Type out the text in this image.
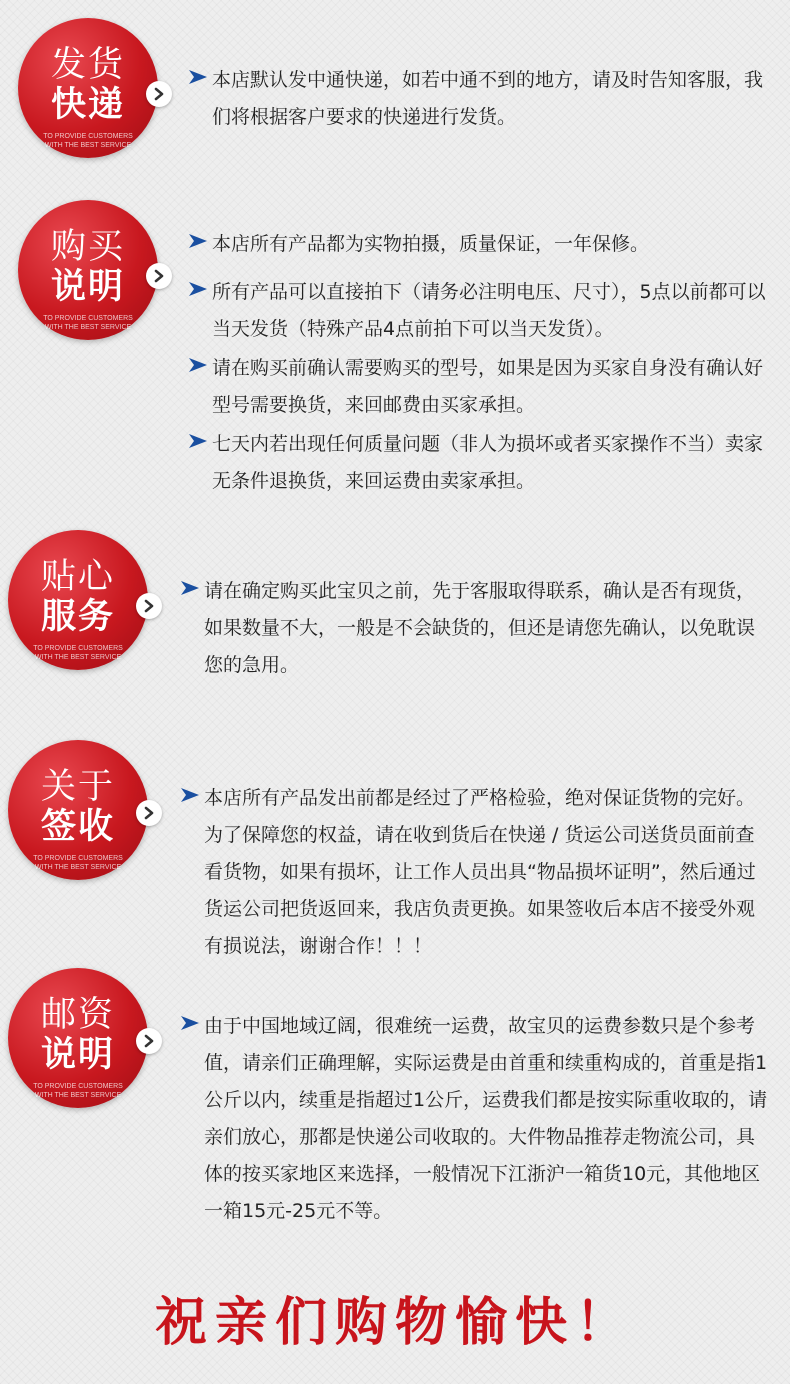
发货
快递
TO PROVIDE CUSTOMERS
WITH THE BEST SERVICE
本店默认发中通快递，如若中通不到的地方，请及时告知客服，我们将根据客户要求的快递进行发货。
购买
说明
TO PROVIDE CUSTOMERS
WITH THE BEST SERVICE
本店所有产品都为实物拍摄，质量保证，一年保修。
所有产品可以直接拍下（请务必注明电压、尺寸），5点以前都可以当天发货（特殊产品4点前拍下可以当天发货）。
请在购买前确认需要购买的型号，如果是因为买家自身没有确认好型号需要换货，来回邮费由买家承担。
七天内若出现任何质量问题（非人为损坏或者买家操作不当）卖家无条件退换货，来回运费由卖家承担。
贴心
服务
TO PROVIDE CUSTOMERS
WITH THE BEST SERVICE
请在确定购买此宝贝之前，先于客服取得联系，确认是否有现货，如果数量不大，一般是不会缺货的，但还是请您先确认，以免耽误您的急用。
关于
签收
TO PROVIDE CUSTOMERS
WITH THE BEST SERVICE
本店所有产品发出前都是经过了严格检验，绝对保证货物的完好。为了保障您的权益，请在收到货后在快递 / 货运公司送货员面前查看货物，如果有损坏，让工作人员出具“物品损坏证明”，然后通过货运公司把货返回来，我店负责更换。如果签收后本店不接受外观有损说法，谢谢合作！！！
邮资
说明
TO PROVIDE CUSTOMERS
WITH THE BEST SERVICE
由于中国地域辽阔，很难统一运费，故宝贝的运费参数只是个参考值，请亲们正确理解，实际运费是由首重和续重构成的，首重是指1公斤以内，续重是指超过1公斤，运费我们都是按实际重收取的，请亲们放心，那都是快递公司收取的。大件物品推荐走物流公司，具体的按买家地区来选择，一般情况下江浙沪一箱货10元，其他地区一箱15元-25元不等。
祝亲们购物愉快！
